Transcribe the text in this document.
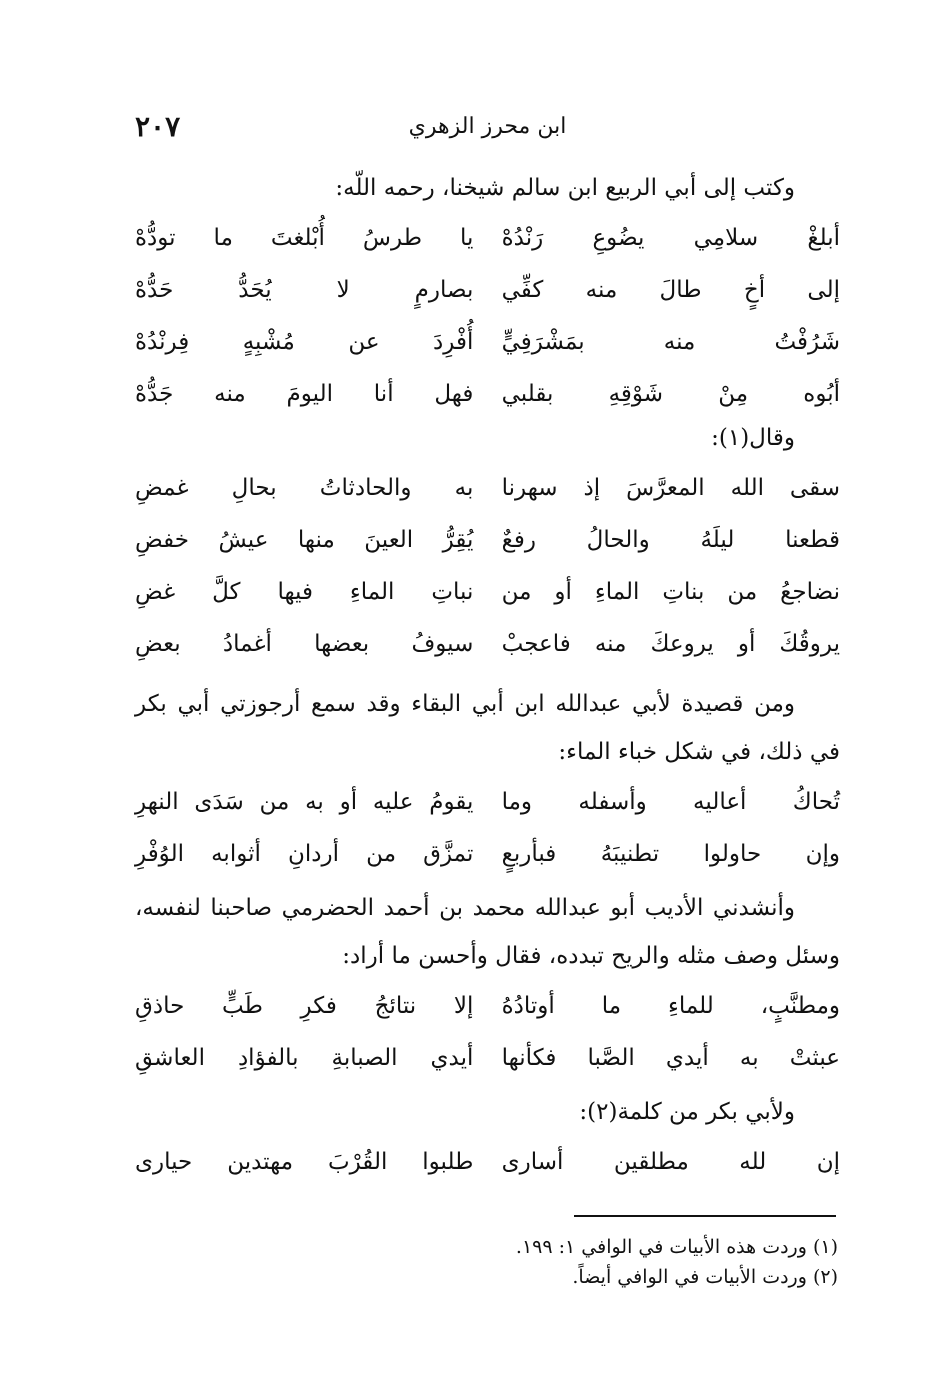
ابن محرز الزهري
٢٠٧

وكتب إلى أبي الربيع ابن سالم شيخنا، رحمه اللّه:

أبلغْ سلامِي يضُوعِ رَنْدُهْ
يا طرسُ أُبْلغتَ ما تودُّهْ
إلى أخٍ طالَ منه كفِّي
بصارمٍ لا يُحَدُّ حَدُّهْ
شَرُفْتُ منه بمَشْرَفِيٍّ
أُفْرِدَ عن مُشْبِهٍ فِرنْدُهْ
أبُوه مِنْ شَوْقِهِ بقلبي
فهل أنا اليومَ منه جَدُّهْ

وقال(١):

سقى الله المعرَّسَ إذ سهرنا
به والحادثاتُ بحالِ غمضِ
قطعنا ليلَهُ والحالُ رفعٌ
يُقِرُّ العينَ منها عيشُ خفضِ
نضاجعُ من بناتِ الماءِ أو من
نباتِ الماءِ فيها كلَّ غضِ
يروقُكَ أو يروعكَ منه فاعجبْ
سيوفُ بعضها أغمادُ بعضِ

ومن قصيدة لأبي عبدالله ابن أبي البقاء وقد سمع أرجوزتي أبي بكر في ذلك، في شكل خباء الماء:

تُحاكُ أعاليه وأسفله وما
يقومُ عليه أو به من سَدَى النهرِ
وإن حاولوا تطنيبَهُ فبأربعٍ
تمزَّق من أردانِ أثوابه الوُفْرِ

وأنشدني الأديب أبو عبدالله محمد بن أحمد الحضرمي صاحبنا لنفسه، وسئل وصف مثله والريح تبدده، فقال وأحسن ما أراد:

ومطنَّبٍ، للماءِ ما أوتادُهُ
إلا نتائجُ فكرِ طَبٍّ حاذقِ
عبثتْ به أيدي الصَّبا فكأنها
أيدي الصبابةِ بالفؤادِ العاشقِ

ولأبي بكر من كلمة(٢):

إن لله مطلقين أسارى
طلبوا القُرْبَ مهتدين حيارى

(١) وردت هذه الأبيات في الوافي ١: ١٩٩.

(٢) وردت الأبيات في الوافي أيضاً.
